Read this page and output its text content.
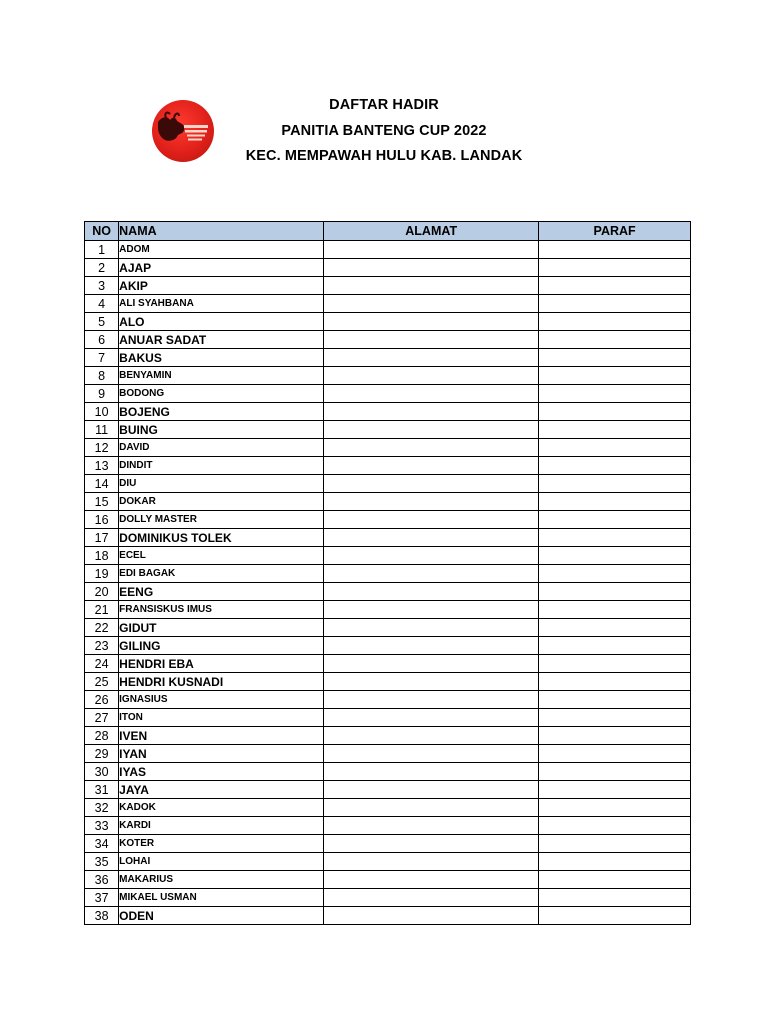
DAFTAR HADIR
PANITIA BANTENG CUP 2022
KEC. MEMPAWAH HULU KAB. LANDAK
NO	NAMA	ALAMAT	PARAF
1	ADOM		
2	AJAP		
3	AKIP		
4	ALI SYAHBANA		
5	ALO		
6	ANUAR SADAT		
7	BAKUS		
8	BENYAMIN		
9	BODONG		
10	BOJENG		
11	BUING		
12	DAVID		
13	DINDIT		
14	DIU		
15	DOKAR		
16	DOLLY MASTER		
17	DOMINIKUS TOLEK		
18	ECEL		
19	EDI BAGAK		
20	EENG		
21	FRANSISKUS IMUS		
22	GIDUT		
23	GILING		
24	HENDRI EBA		
25	HENDRI KUSNADI		
26	IGNASIUS		
27	ITON		
28	IVEN		
29	IYAN		
30	IYAS		
31	JAYA		
32	KADOK		
33	KARDI		
34	KOTER		
35	LOHAI		
36	MAKARIUS		
37	MIKAEL USMAN		
38	ODEN		
